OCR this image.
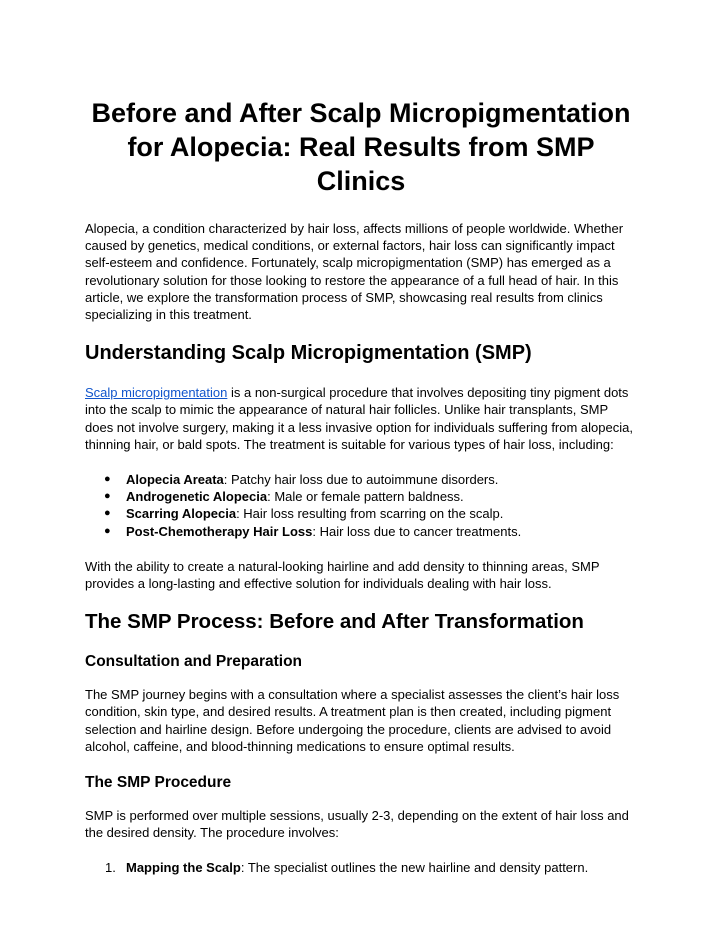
Before and After Scalp Micropigmentation
for Alopecia: Real Results from SMP Clinics

Alopecia, a condition characterized by hair loss, affects millions of people worldwide. Whether caused by genetics, medical conditions, or external factors, hair loss can significantly impact self-esteem and confidence. Fortunately, scalp micropigmentation (SMP) has emerged as a revolutionary solution for those looking to restore the appearance of a full head of hair. In this article, we explore the transformation process of SMP, showcasing real results from clinics specializing in this treatment.

Understanding Scalp Micropigmentation (SMP)

Scalp micropigmentation is a non-surgical procedure that involves depositing tiny pigment dots into the scalp to mimic the appearance of natural hair follicles. Unlike hair transplants, SMP does not involve surgery, making it a less invasive option for individuals suffering from alopecia, thinning hair, or bald spots. The treatment is suitable for various types of hair loss, including:

● Alopecia Areata: Patchy hair loss due to autoimmune disorders.
● Androgenetic Alopecia: Male or female pattern baldness.
● Scarring Alopecia: Hair loss resulting from scarring on the scalp.
● Post-Chemotherapy Hair Loss: Hair loss due to cancer treatments.

With the ability to create a natural-looking hairline and add density to thinning areas, SMP provides a long-lasting and effective solution for individuals dealing with hair loss.

The SMP Process: Before and After Transformation
Consultation and Preparation

The SMP journey begins with a consultation where a specialist assesses the client’s hair loss condition, skin type, and desired results. A treatment plan is then created, including pigment selection and hairline design. Before undergoing the procedure, clients are advised to avoid alcohol, caffeine, and blood-thinning medications to ensure optimal results.

The SMP Procedure

SMP is performed over multiple sessions, usually 2-3, depending on the extent of hair loss and the desired density. The procedure involves:

1. Mapping the Scalp: The specialist outlines the new hairline and density pattern.
